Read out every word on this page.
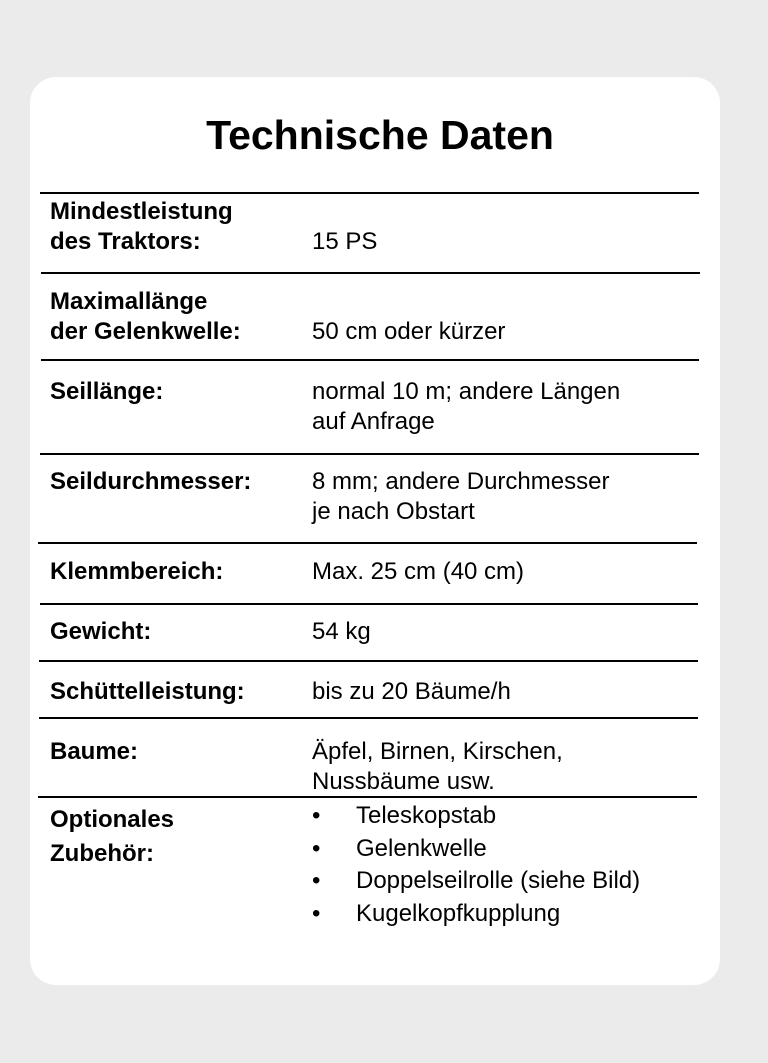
Technische Daten
Mindestleistung
des Traktors:	15 PS
Maximallänge
der Gelenkwelle:	50 cm oder kürzer
Seillänge:	normal 10 m; andere Längen
auf Anfrage
Seildurchmesser:	8 mm; andere Durchmesser
je nach Obstart
Klemmbereich:	Max. 25 cm (40 cm)
Gewicht:	54 kg
Schüttelleistung:	bis zu 20 Bäume/h
Baume:	Äpfel, Birnen, Kirschen,
Nussbäume usw.
Optionales
Zubehör:
• Teleskopstab
• Gelenkwelle
• Doppelseilrolle (siehe Bild)
• Kugelkopfkupplung
